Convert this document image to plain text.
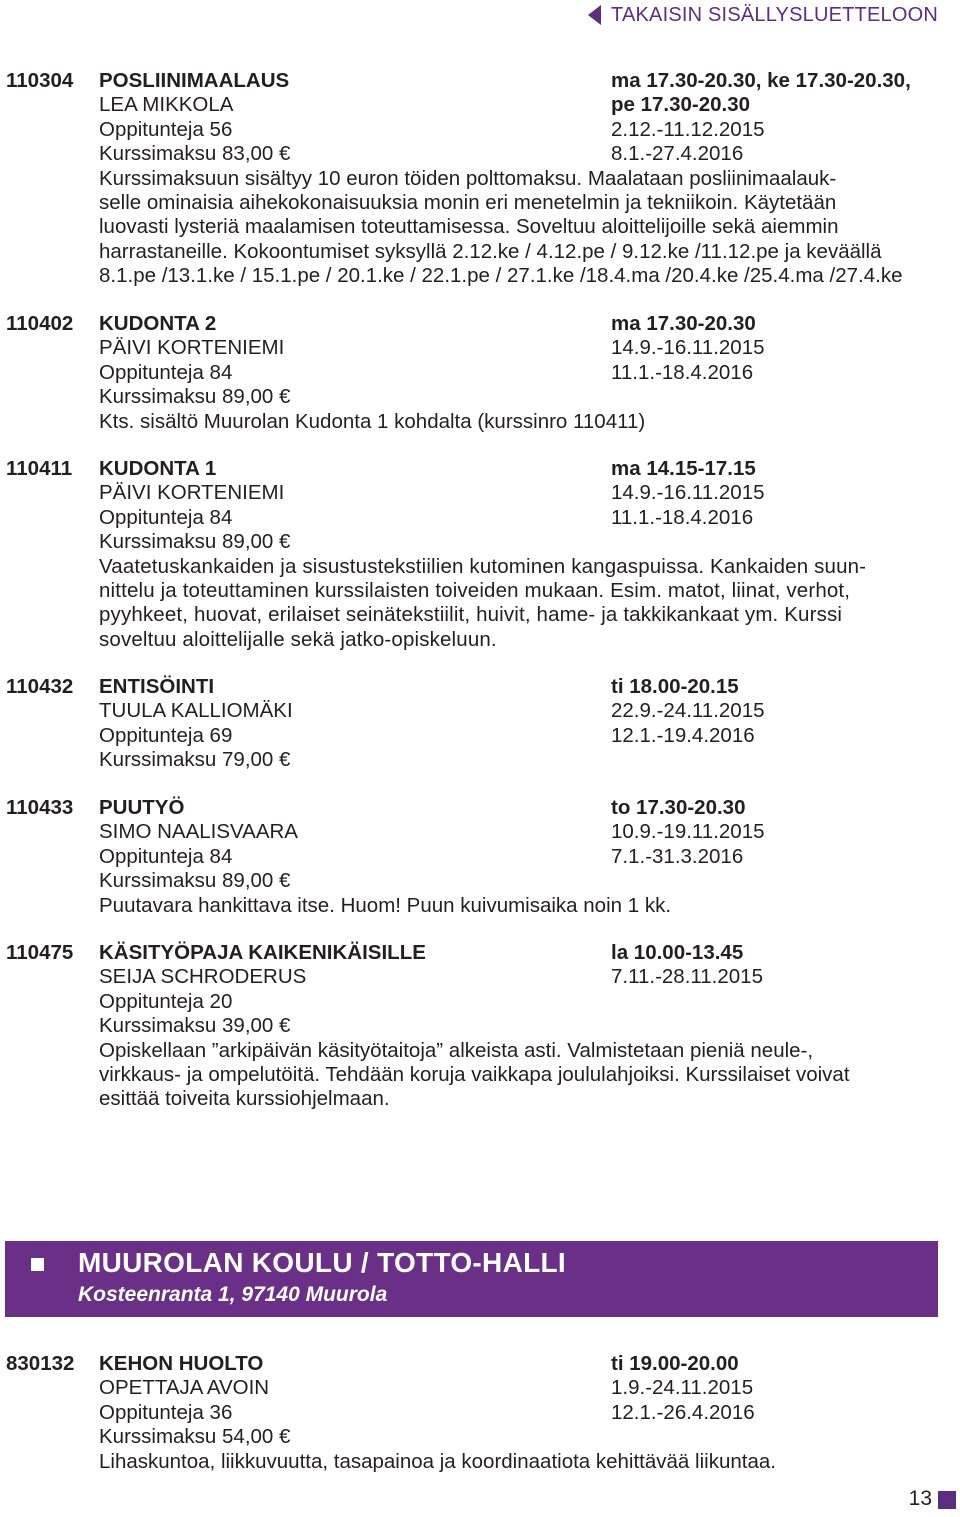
TAKAISIN SISÄLLYSLUETTELOON
110304	POSLIINIMAALAUS	ma 17.30-20.30, ke 17.30-20.30,
LEA MIKKOLA	pe 17.30-20.30
Oppitunteja 56	2.12.-11.12.2015
Kurssimaksu 83,00 €	8.1.-27.4.2016
Kurssimaksuun sisältyy 10 euron töiden polttomaksu. Maalataan posliinimaalauk-
selle ominaisia aihekokonaisuuksia monin eri menetelmin ja tekniikoin. Käytetään
luovasti lysteriä maalamisen toteuttamisessa. Soveltuu aloittelijoille sekä aiemmin
harrastaneille. Kokoontumiset syksyllä 2.12.ke / 4.12.pe / 9.12.ke /11.12.pe ja keväällä
8.1.pe /13.1.ke / 15.1.pe / 20.1.ke / 22.1.pe / 27.1.ke /18.4.ma /20.4.ke /25.4.ma /27.4.ke
110402	KUDONTA 2	ma 17.30-20.30
PÄIVI KORTENIEMI	14.9.-16.11.2015
Oppitunteja 84	11.1.-18.4.2016
Kurssimaksu 89,00 €
Kts. sisältö Muurolan Kudonta 1 kohdalta (kurssinro 110411)
110411	KUDONTA 1	ma 14.15-17.15
PÄIVI KORTENIEMI	14.9.-16.11.2015
Oppitunteja 84	11.1.-18.4.2016
Kurssimaksu 89,00 €
Vaatetuskankaiden ja sisustustekstiilien kutominen kangaspuissa. Kankaiden suun-
nittelu ja toteuttaminen kurssilaisten toiveiden mukaan. Esim. matot, liinat, verhot,
pyyhkeet, huovat, erilaiset seinätekstiilit, huivit, hame- ja takkikankaat ym. Kurssi
soveltuu aloittelijalle sekä jatko-opiskeluun.
110432	ENTISÖINTI	ti 18.00-20.15
TUULA KALLIOMÄKI	22.9.-24.11.2015
Oppitunteja 69	12.1.-19.4.2016
Kurssimaksu 79,00 €
110433	PUUTYÖ	to 17.30-20.30
SIMO NAALISVAARA	10.9.-19.11.2015
Oppitunteja 84	7.1.-31.3.2016
Kurssimaksu 89,00 €
Puutavara hankittava itse. Huom! Puun kuivumisaika noin 1 kk.
110475	KÄSITYÖPAJA KAIKENIKÄISILLE	la 10.00-13.45
SEIJA SCHRODERUS	7.11.-28.11.2015
Oppitunteja 20
Kurssimaksu 39,00 €
Opiskellaan ”arkipäivän käsityötaitoja” alkeista asti. Valmistetaan pieniä neule-,
virkkaus- ja ompelutöitä. Tehdään koruja vaikkapa joululahjoiksi. Kurssilaiset voivat
esittää toiveita kurssiohjelmaan.
MUUROLAN KOULU / TOTTO-HALLI
Kosteenranta 1, 97140 Muurola
830132	KEHON HUOLTO	ti 19.00-20.00
OPETTAJA AVOIN	1.9.-24.11.2015
Oppitunteja 36	12.1.-26.4.2016
Kurssimaksu 54,00 €
Lihaskuntoa, liikkuvuutta, tasapainoa ja koordinaatiota kehittävää liikuntaa.
13
